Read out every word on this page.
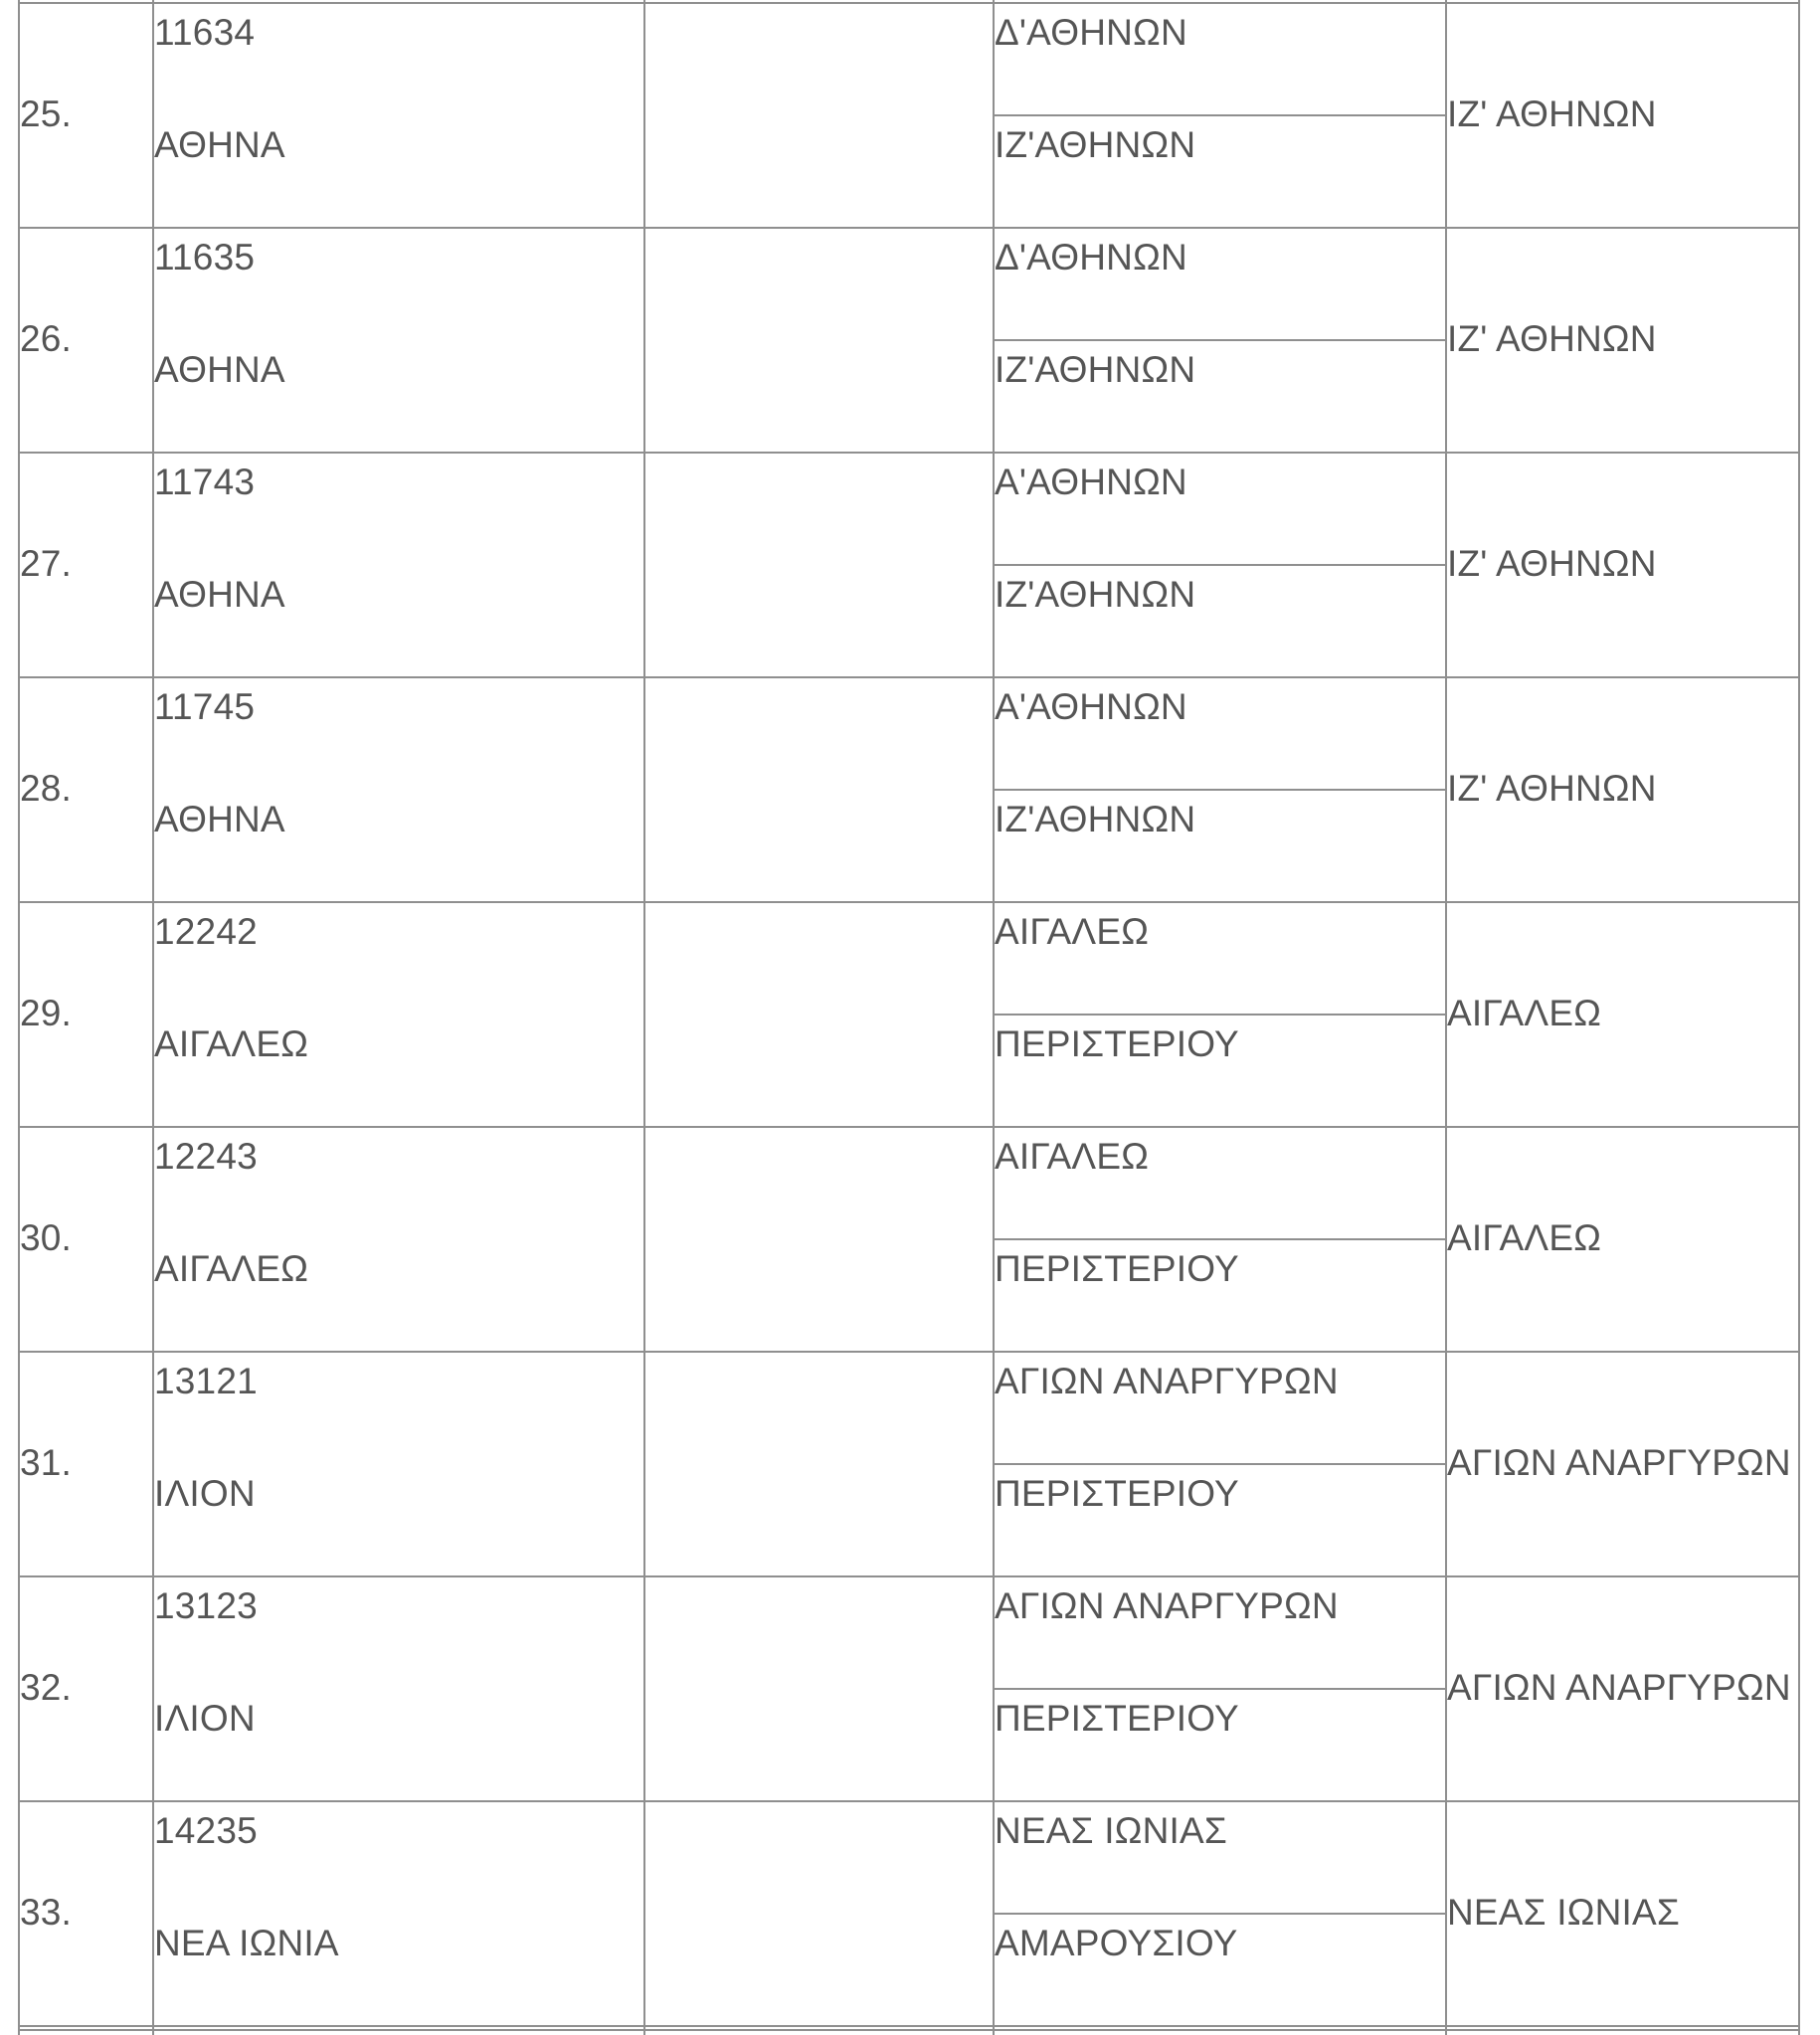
25.
11634
ΑΘΗΝΑ
Δ'ΑΘΗΝΩΝ
ΙΖ'ΑΘΗΝΩΝ
ΙΖ' ΑΘΗΝΩΝ
26.
11635
ΑΘΗΝΑ
Δ'ΑΘΗΝΩΝ
ΙΖ'ΑΘΗΝΩΝ
ΙΖ' ΑΘΗΝΩΝ
27.
11743
ΑΘΗΝΑ
Α'ΑΘΗΝΩΝ
ΙΖ'ΑΘΗΝΩΝ
ΙΖ' ΑΘΗΝΩΝ
28.
11745
ΑΘΗΝΑ
Α'ΑΘΗΝΩΝ
ΙΖ'ΑΘΗΝΩΝ
ΙΖ' ΑΘΗΝΩΝ
29.
12242
ΑΙΓΑΛΕΩ
ΑΙΓΑΛΕΩ
ΠΕΡΙΣΤΕΡΙΟΥ
ΑΙΓΑΛΕΩ
30.
12243
ΑΙΓΑΛΕΩ
ΑΙΓΑΛΕΩ
ΠΕΡΙΣΤΕΡΙΟΥ
ΑΙΓΑΛΕΩ
31.
13121
ΙΛΙΟΝ
ΑΓΙΩΝ ΑΝΑΡΓΥΡΩΝ
ΠΕΡΙΣΤΕΡΙΟΥ
ΑΓΙΩΝ ΑΝΑΡΓΥΡΩΝ
32.
13123
ΙΛΙΟΝ
ΑΓΙΩΝ ΑΝΑΡΓΥΡΩΝ
ΠΕΡΙΣΤΕΡΙΟΥ
ΑΓΙΩΝ ΑΝΑΡΓΥΡΩΝ
33.
14235
ΝΕΑ ΙΩΝΙΑ
ΝΕΑΣ ΙΩΝΙΑΣ
ΑΜΑΡΟΥΣΙΟΥ
ΝΕΑΣ ΙΩΝΙΑΣ
